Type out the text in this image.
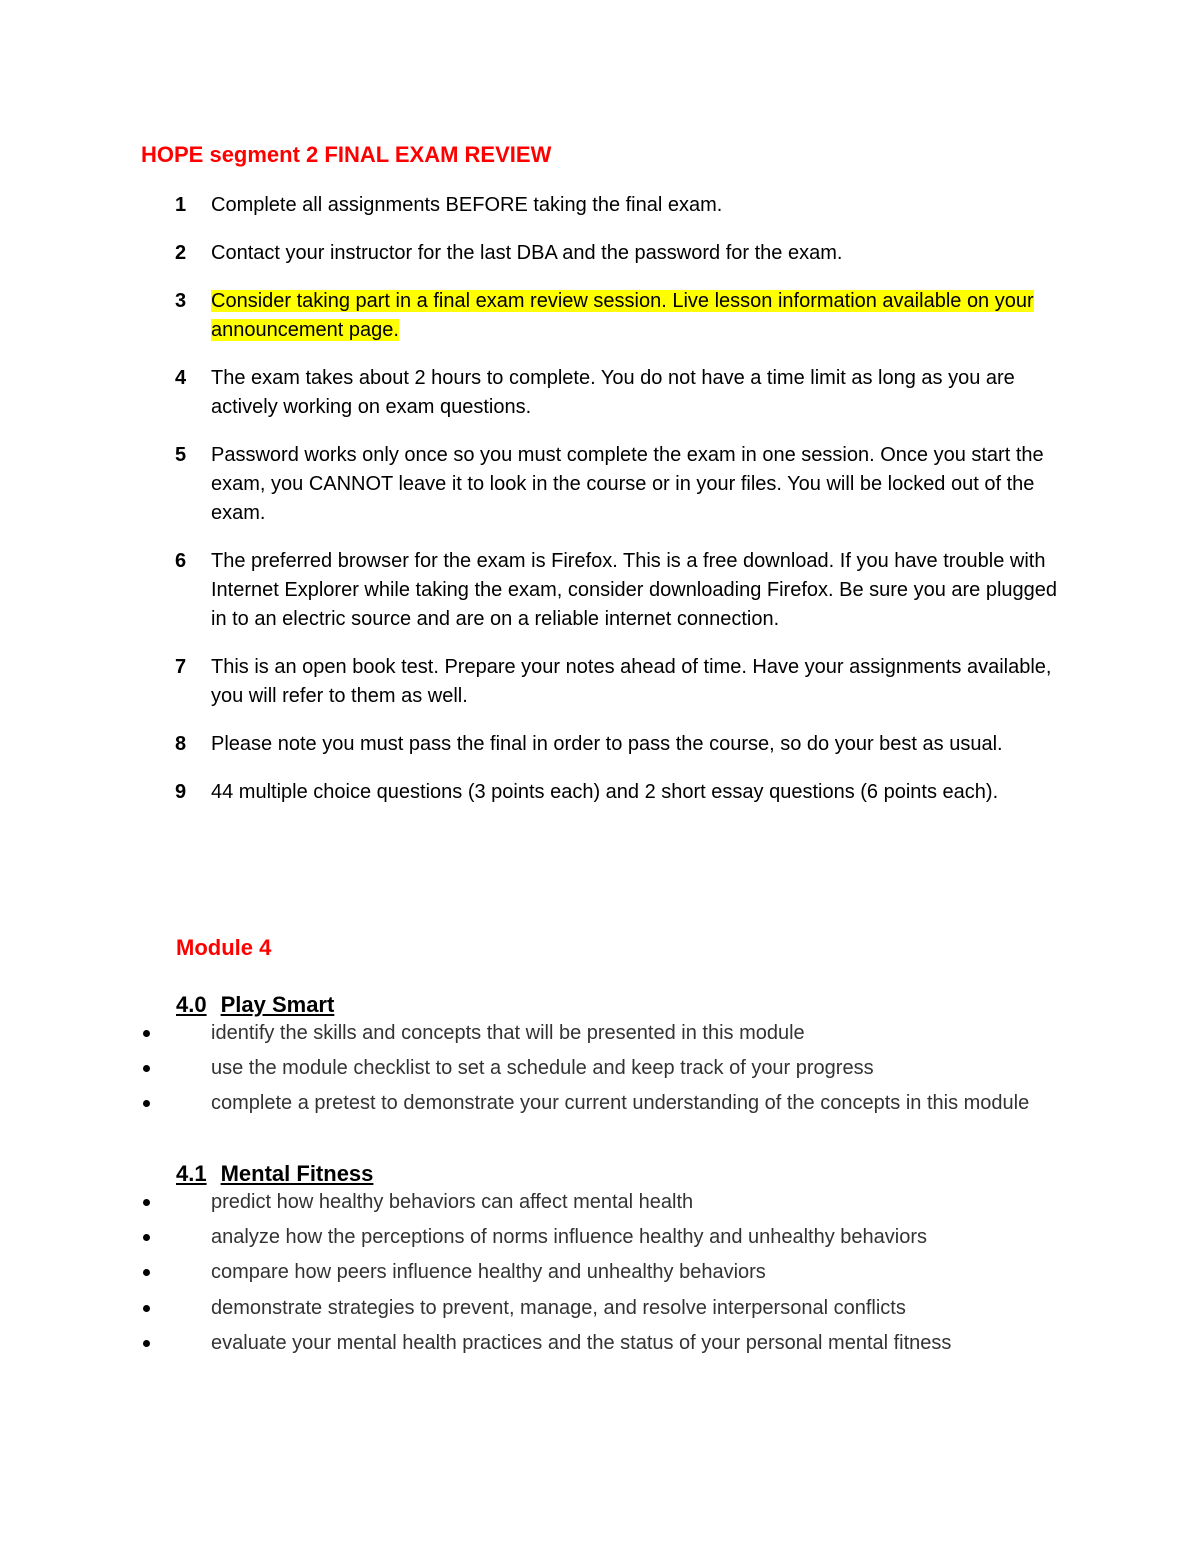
HOPE segment 2 FINAL EXAM REVIEW
1 Complete all assignments BEFORE taking the final exam.
2 Contact your instructor for the last DBA and the password for the exam.
3 Consider taking part in a final exam review session. Live lesson information available on your announcement page.
4 The exam takes about 2 hours to complete. You do not have a time limit as long as you are actively working on exam questions.
5 Password works only once so you must complete the exam in one session. Once you start the exam, you CANNOT leave it to look in the course or in your files. You will be locked out of the exam.
6 The preferred browser for the exam is Firefox. This is a free download. If you have trouble with Internet Explorer while taking the exam, consider downloading Firefox. Be sure you are plugged in to an electric source and are on a reliable internet connection.
7 This is an open book test. Prepare your notes ahead of time. Have your assignments available, you will refer to them as well.
8 Please note you must pass the final in order to pass the course, so do your best as usual.
9 44 multiple choice questions (3 points each) and 2 short essay questions (6 points each).
Module 4
4.0 Play Smart
identify the skills and concepts that will be presented in this module
use the module checklist to set a schedule and keep track of your progress
complete a pretest to demonstrate your current understanding of the concepts in this module
4.1 Mental Fitness
predict how healthy behaviors can affect mental health
analyze how the perceptions of norms influence healthy and unhealthy behaviors
compare how peers influence healthy and unhealthy behaviors
demonstrate strategies to prevent, manage, and resolve interpersonal conflicts
evaluate your mental health practices and the status of your personal mental fitness
